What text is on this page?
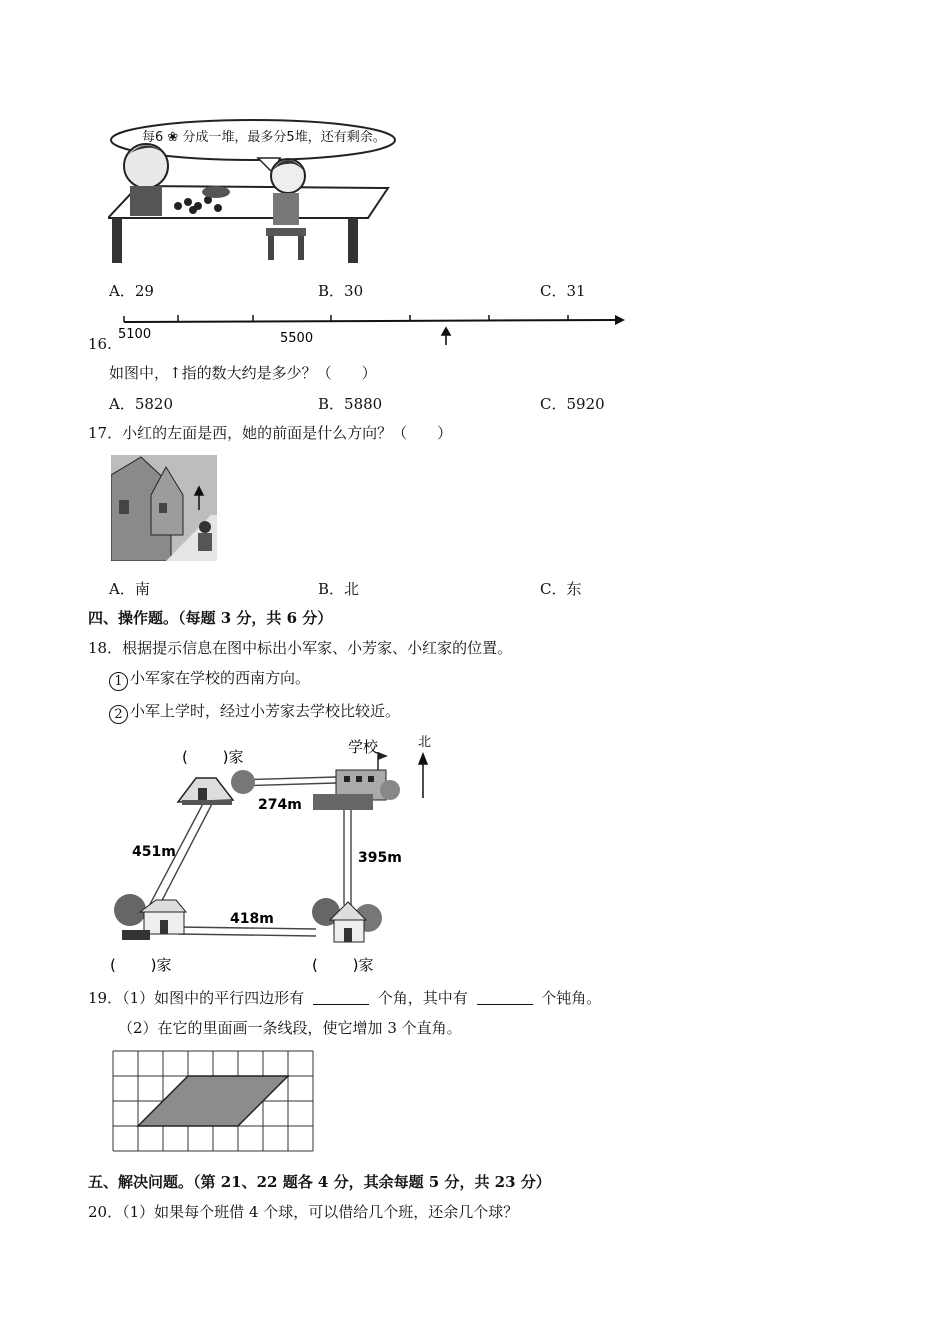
每6 ❀ 分成一堆，最多分5堆，还有剩余。
A．29	B．30	C．31
16.
5100	5500
如图中，↑指的数大约是多少？（　　）
A．5820	B．5880	C．5920
17．小红的左面是西，她的前面是什么方向？（　　）
A．南	B．北	C．东
四、操作题。（每题 3 分，共 6 分）
18．根据提示信息在图中标出小军家、小芳家、小红家的位置。
1 小军家在学校的西南方向。
2 小军上学时，经过小芳家去学校比较近。
(　　 )家
学校	北
274m
451m	395m
418m
(　　 )家	(　　 )家
19．（1）如图中的平行四边形有	个角，其中有	个钝角。
（2）在它的里面画一条线段，使它增加 3 个直角。
五、解决问题。（第 21、22 题各 4 分，其余每题 5 分，共 23 分）
20．（1）如果每个班借 4 个球，可以借给几个班，还余几个球？
